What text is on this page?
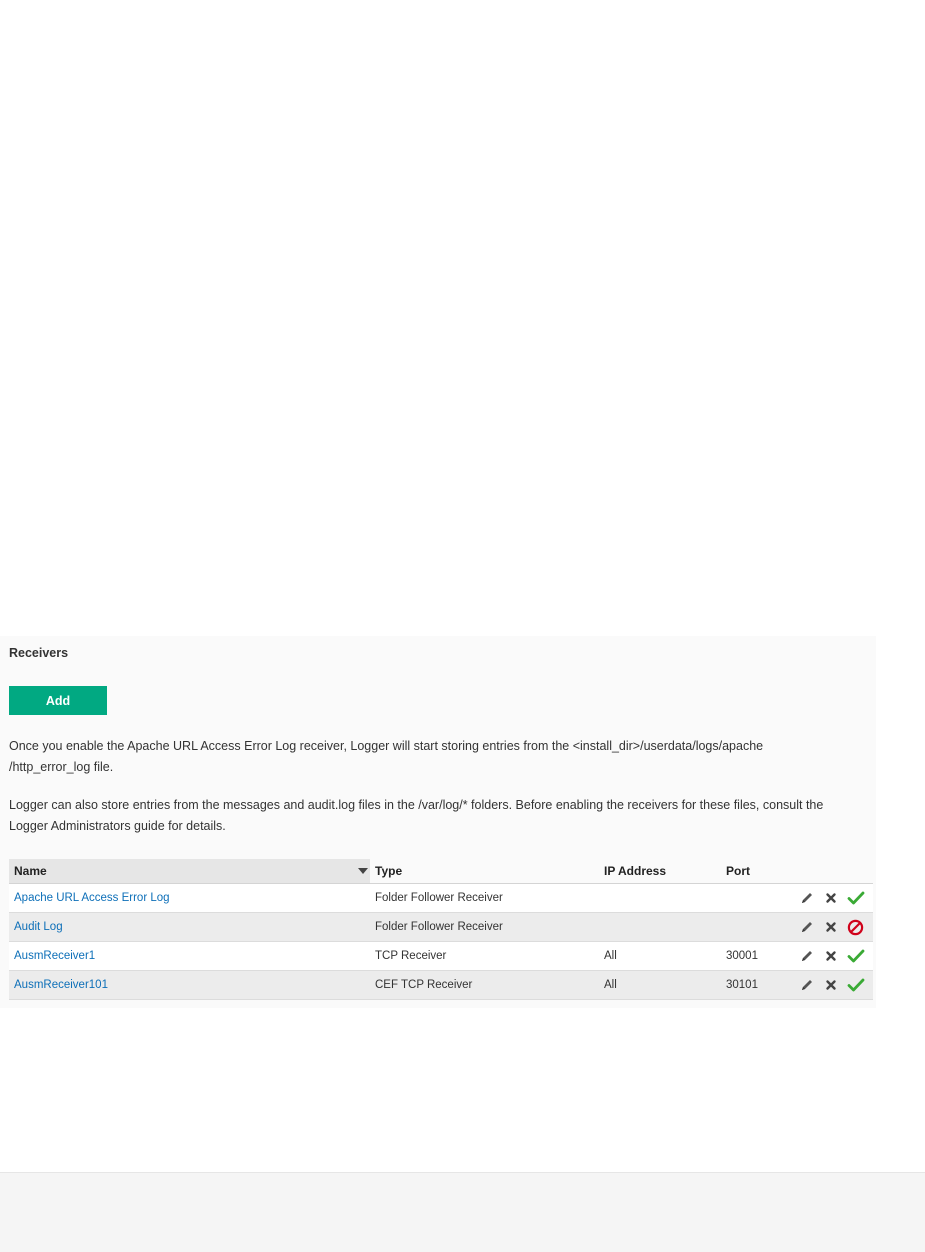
Receivers
Add
Once you enable the Apache URL Access Error Log receiver, Logger will start storing entries from the <install_dir>/userdata/logs/apache
/http_error_log file.
Logger can also store entries from the messages and audit.log files in the /var/log/* folders. Before enabling the receivers for these files, consult the
Logger Administrators guide for details.
Name	Type	IP Address	Port	
Apache URL Access Error Log	Folder Follower Receiver			

Audit Log	Folder Follower Receiver			

AusmReceiver1	TCP Receiver	All	30001	

AusmReceiver101	CEF TCP Receiver	All	30101	
